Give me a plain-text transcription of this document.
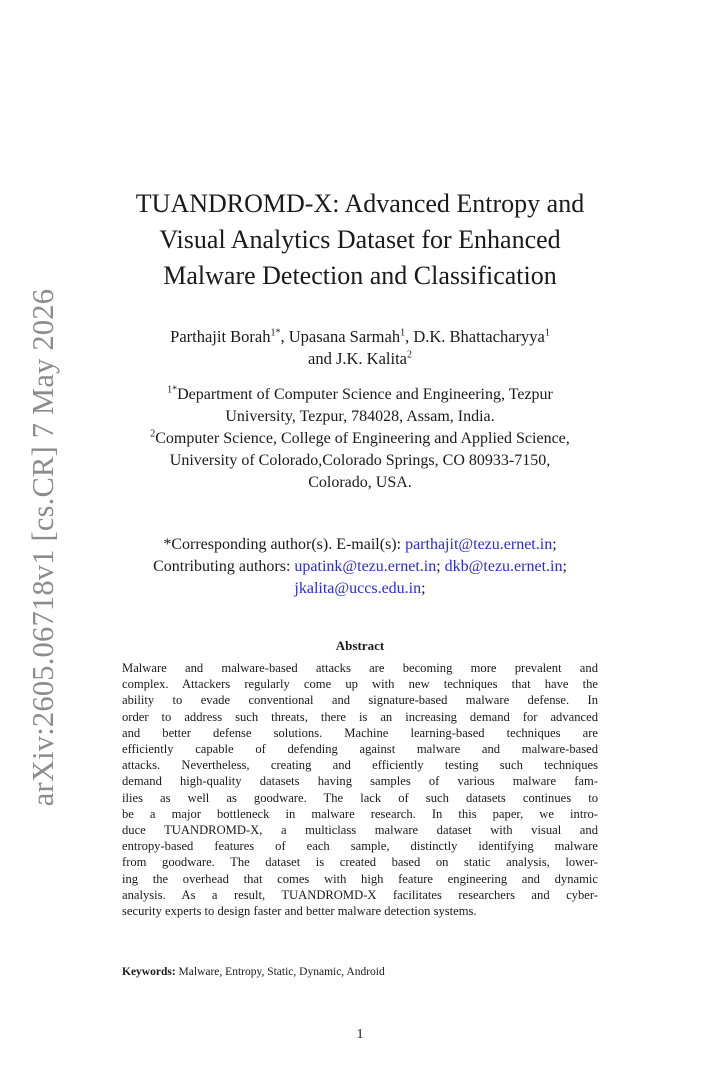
arXiv:2605.06718v1 [cs.CR] 7 May 2026
TUANDROMD-X: Advanced Entropy and
Visual Analytics Dataset for Enhanced
Malware Detection and Classification
Parthajit Borah$^{1*}$, Upasana Sarmah$^1$, D.K. Bhattacharyya$^1$
and J.K. Kalita$^2$
$^{1*}$Department of Computer Science and Engineering, Tezpur
University, Tezpur, 784028, Assam, India.
$^2$Computer Science, College of Engineering and Applied Science,
University of Colorado,Colorado Springs, CO 80933-7150,
Colorado, USA.
*Corresponding author(s). E-mail(s): parthajit@tezu.ernet.in;
Contributing authors: upatink@tezu.ernet.in; dkb@tezu.ernet.in;
jkalita@uccs.edu.in;
Abstract
Malware and malware-based attacks are becoming more prevalent and
complex. Attackers regularly come up with new techniques that have the
ability to evade conventional and signature-based malware defense. In
order to address such threats, there is an increasing demand for advanced
and better defense solutions. Machine learning-based techniques are
efficiently capable of defending against malware and malware-based
attacks. Nevertheless, creating and efficiently testing such techniques
demand high-quality datasets having samples of various malware fam-
ilies as well as goodware. The lack of such datasets continues to
be a major bottleneck in malware research. In this paper, we intro-
duce TUANDROMD-X, a multiclass malware dataset with visual and
entropy-based features of each sample, distinctly identifying malware
from goodware. The dataset is created based on static analysis, lower-
ing the overhead that comes with high feature engineering and dynamic
analysis. As a result, TUANDROMD-X facilitates researchers and cyber-
security experts to design faster and better malware detection systems.
Keywords: Malware, Entropy, Static, Dynamic, Android
1
